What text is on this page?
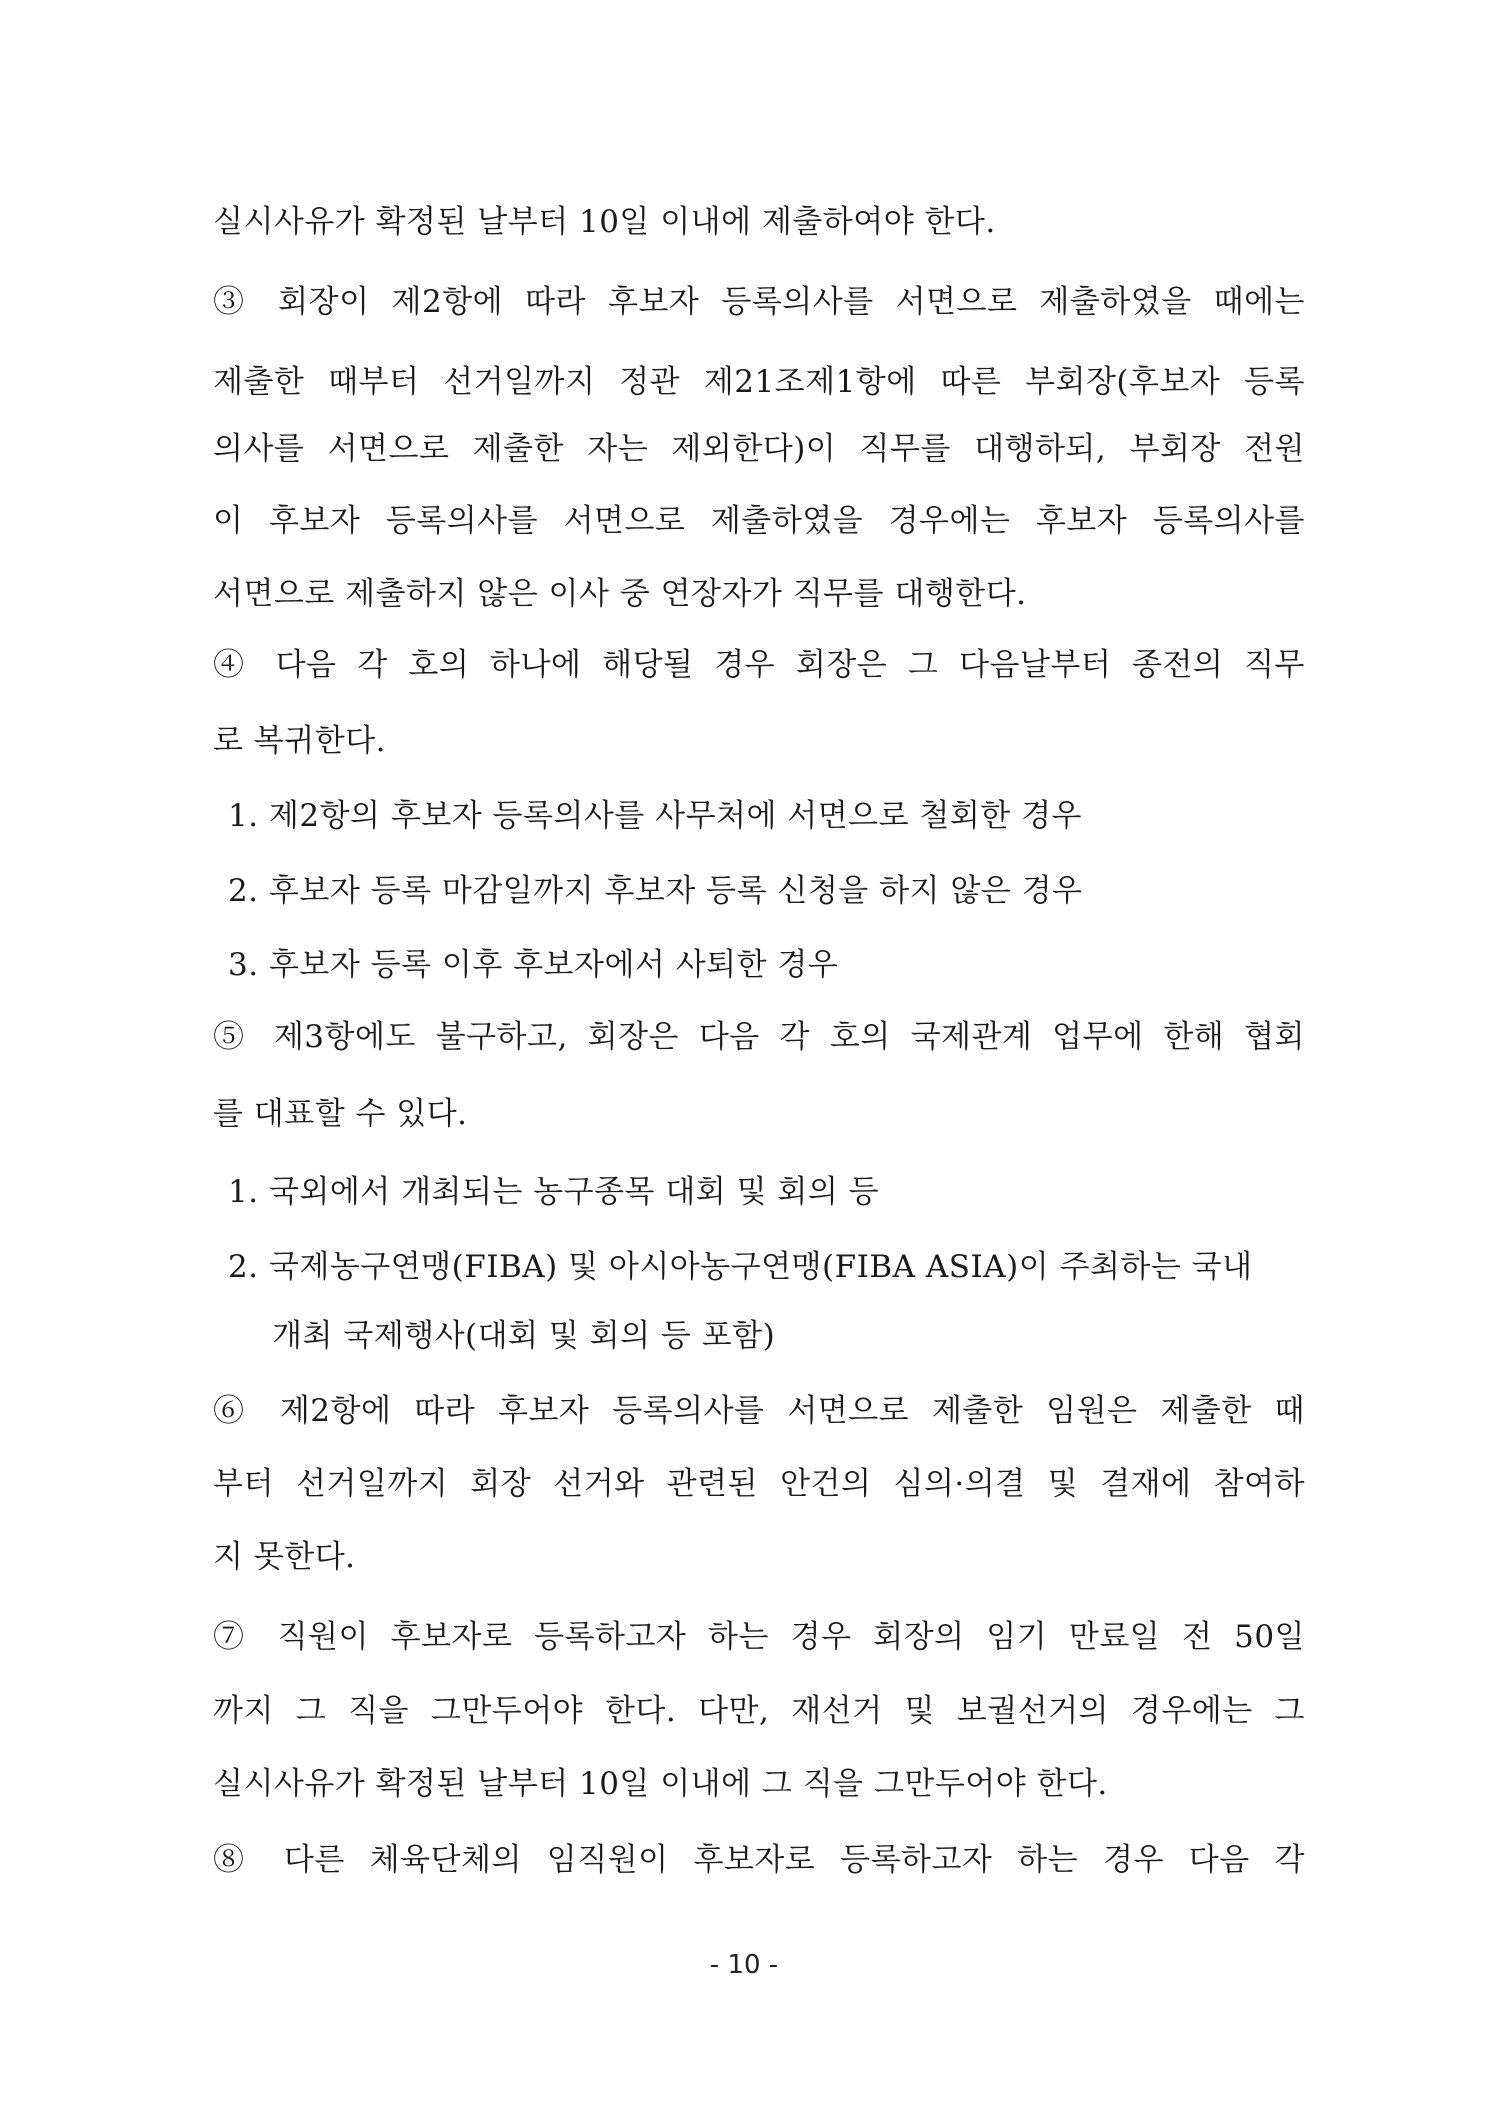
실시사유가 확정된 날부터 10일 이내에 제출하여야 한다.
③ 회장이 제2항에 따라 후보자 등록의사를 서면으로 제출하였을 때에는
제출한 때부터 선거일까지 정관 제21조제1항에 따른 부회장(후보자 등록
의사를 서면으로 제출한 자는 제외한다)이 직무를 대행하되, 부회장 전원
이 후보자 등록의사를 서면으로 제출하였을 경우에는 후보자 등록의사를
서면으로 제출하지 않은 이사 중 연장자가 직무를 대행한다.
④ 다음 각 호의 하나에 해당될 경우 회장은 그 다음날부터 종전의 직무
로 복귀한다.
1. 제2항의 후보자 등록의사를 사무처에 서면으로 철회한 경우
2. 후보자 등록 마감일까지 후보자 등록 신청을 하지 않은 경우
3. 후보자 등록 이후 후보자에서 사퇴한 경우
⑤ 제3항에도 불구하고, 회장은 다음 각 호의 국제관계 업무에 한해 협회
를 대표할 수 있다.
1. 국외에서 개최되는 농구종목 대회 및 회의 등
2. 국제농구연맹(FIBA) 및 아시아농구연맹(FIBA ASIA)이 주최하는 국내
개최 국제행사(대회 및 회의 등 포함)
⑥ 제2항에 따라 후보자 등록의사를 서면으로 제출한 임원은 제출한 때
부터 선거일까지 회장 선거와 관련된 안건의 심의·의결 및 결재에 참여하
지 못한다.
⑦ 직원이 후보자로 등록하고자 하는 경우 회장의 임기 만료일 전 50일
까지 그 직을 그만두어야 한다. 다만, 재선거 및 보궐선거의 경우에는 그
실시사유가 확정된 날부터 10일 이내에 그 직을 그만두어야 한다.
⑧ 다른 체육단체의 임직원이 후보자로 등록하고자 하는 경우 다음 각
- 10 -
